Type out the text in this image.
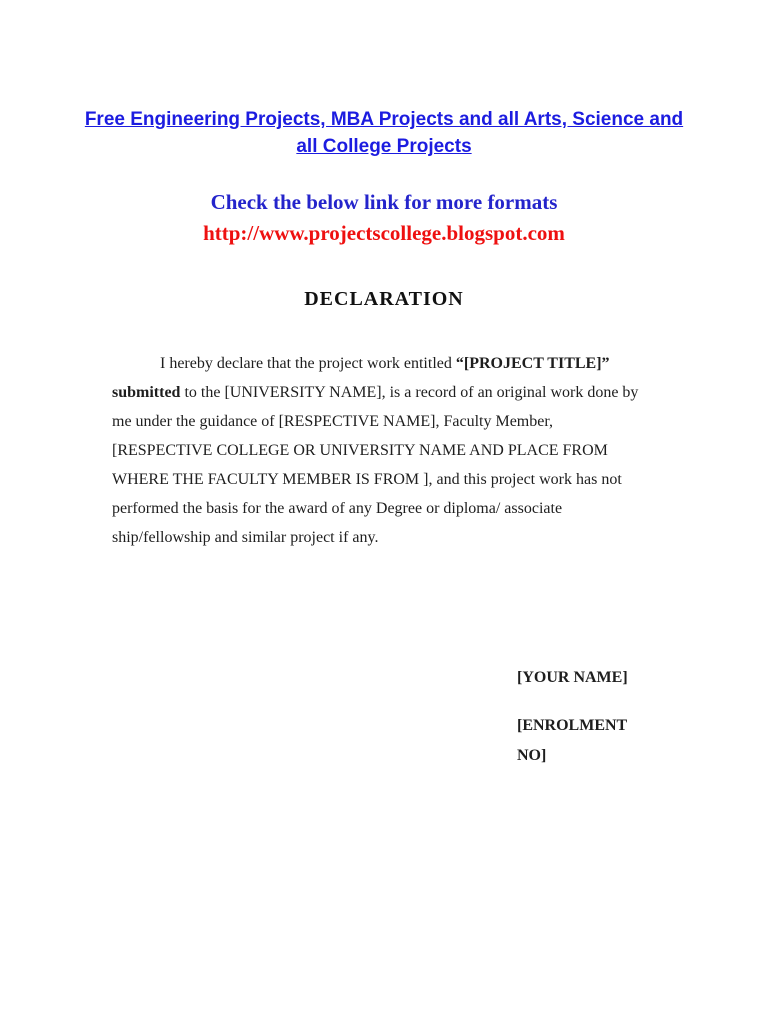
Free Engineering Projects, MBA Projects and all Arts, Science and all College Projects
Check the below link for more formats
http://www.projectscollege.blogspot.com
DECLARATION
I hereby declare that the project work entitled “[PROJECT TITLE]”
submitted to the [UNIVERSITY NAME], is a record of an original work done by
me under the guidance of [RESPECTIVE NAME], Faculty Member,
[RESPECTIVE COLLEGE OR UNIVERSITY NAME AND PLACE FROM
WHERE THE FACULTY MEMBER IS FROM ], and this project work has not
performed the basis for the award of any Degree or diploma/ associate
ship/fellowship and similar project if any.
[YOUR NAME]
[ENROLMENT NO]
